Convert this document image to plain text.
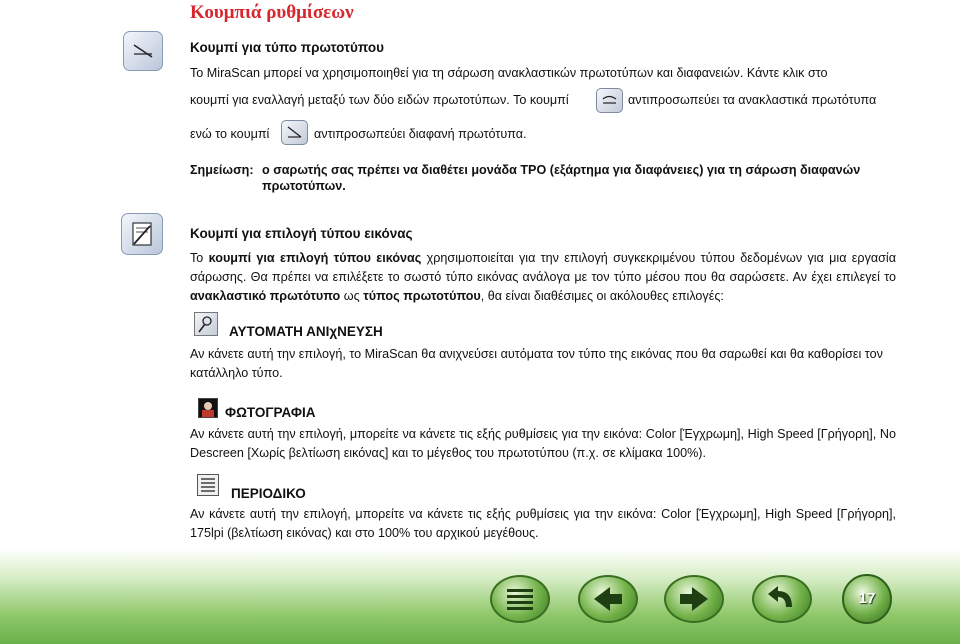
Κουμπιά ρυθμίσεων
Κουμπί για τύπο πρωτοτύπου
Το MiraScan μπορεί να χρησιμοποιηθεί για τη σάρωση ανακλαστικών πρωτοτύπων και διαφανειών. Κάντε κλικ στο
κουμπί για εναλλαγή μεταξύ των δύο ειδών πρωτοτύπων. Το κουμπί	αντιπροσωπεύει τα ανακλαστικά πρωτότυπα
ενώ το κουμπί	αντιπροσωπεύει διαφανή πρωτότυπα.
Σημείωση: ο σαρωτής σας πρέπει να διαθέτει μονάδα TPO (εξάρτημα για διαφάνειες) για τη σάρωση διαφανών
πρωτοτύπων.
Κουμπί για επιλογή τύπου εικόνας
Το κουμπί για επιλογή τύπου εικόνας χρησιμοποιείται για την επιλογή συγκεκριμένου τύπου δεδομένων για μια εργασία σάρωσης. Θα πρέπει να επιλέξετε το σωστό τύπο εικόνας ανάλογα με τον τύπο μέσου που θα σαρώσετε. Αν έχει επιλεγεί το ανακλαστικό πρωτότυπο ως τύπος πρωτοτύπου, θα είναι διαθέσιμες οι ακόλουθες επιλογές:
ΑΥΤΟΜΑΤΗ ΑΝΙχΝΕΥΣΗ
Αν κάνετε αυτή την επιλογή, το MiraScan θα ανιχνεύσει αυτόματα τον τύπο της εικόνας που θα σαρωθεί και θα καθορίσει τον κατάλληλο τύπο.
ΦΩΤΟΓΡΑΦΙΑ
Αν κάνετε αυτή την επιλογή, μπορείτε να κάνετε τις εξής ρυθμίσεις για την εικόνα: Color [Έγχρωμη], High Speed [Γρήγορη], No Descreen [Χωρίς βελτίωση εικόνας] και το μέγεθος του πρωτοτύπου (π.χ. σε κλίμακα 100%).
ΠΕΡΙΟΔΙΚΟ
Αν κάνετε αυτή την επιλογή, μπορείτε να κάνετε τις εξής ρυθμίσεις για την εικόνα: Color [Έγχρωμη], High Speed [Γρήγορη], 175lpi (βελτίωση εικόνας) και στο 100% του αρχικού μεγέθους.
17
